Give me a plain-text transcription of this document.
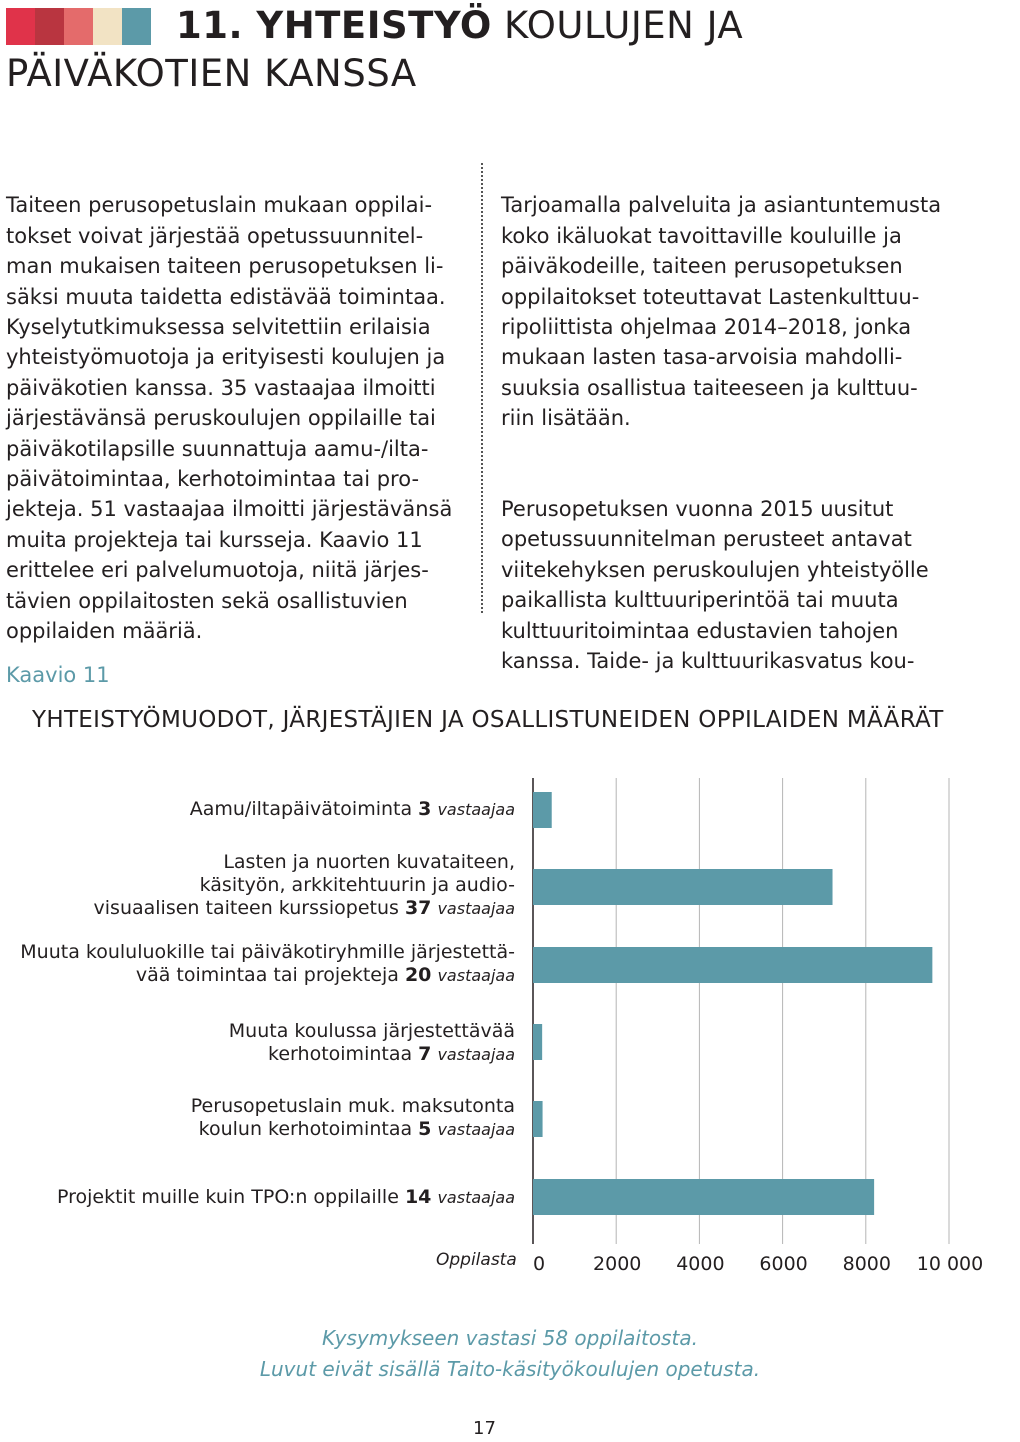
11. YHTEISTYÖ KOULUJEN JA
PÄIVÄKOTIEN KANSSA

Taiteen perusopetuslain mukaan oppilai-
tokset voivat järjestää opetussuunnitel-
man mukaisen taiteen perusopetuksen li-
säksi muuta taidetta edistävää toimintaa.
Kyselytutkimuksessa selvitettiin erilaisia
yhteistyömuotoja ja erityisesti koulujen ja
päiväkotien kanssa. 35 vastaajaa ilmoitti
järjestävänsä peruskoulujen oppilaille tai
päiväkotilapsille suunnattuja aamu-/ilta-
päivätoimintaa, kerhotoimintaa tai pro-
jekteja. 51 vastaajaa ilmoitti järjestävänsä
muita projekteja tai kursseja. Kaavio 11
erittelee eri palvelumuotoja, niitä järjes-
tävien oppilaitosten sekä osallistuvien
oppilaiden määriä.

Tarjoamalla palveluita ja asiantuntemusta
koko ikäluokat tavoittaville kouluille ja
päiväkodeille, taiteen perusopetuksen
oppilaitokset toteuttavat Lastenkulttuu-
ripoliittista ohjelmaa 2014–2018, jonka
mukaan lasten tasa-arvoisia mahdolli-
suuksia osallistua taiteeseen ja kulttuu-
riin lisätään.

Perusopetuksen vuonna 2015 uusitut
opetussuunnitelman perusteet antavat
viitekehyksen peruskoulujen yhteistyölle
paikallista kulttuuriperintöä tai muuta
kulttuuritoimintaa edustavien tahojen
kanssa. Taide- ja kulttuurikasvatus kou-

Kaavio 11
YHTEISTYÖMUODOT, JÄRJESTÄJIEN JA OSALLISTUNEIDEN OPPILAIDEN MÄÄRÄT
0	2000 4000 6000 8000 10 000
Aamu/iltapäivätoiminta 3 vastaajaa
Lasten ja nuorten kuvataiteen,
käsityön, arkkitehtuurin ja audio-
visuaalisen taiteen kurssiopetus 37 vastaajaa
Muuta koululuokille tai päiväkotiryhmille järjestettä-
vää toimintaa tai projekteja 20 vastaajaa
Muuta koulussa järjestettävää
kerhotoimintaa 7 vastaajaa
Perusopetuslain muk. maksutonta
koulun kerhotoimintaa 5 vastaajaa
Projektit muille kuin TPO:n oppilaille 14 vastaajaa
Oppilasta
Kysymykseen vastasi 58 oppilaitosta.
Luvut eivät sisällä Taito-käsityökoulujen opetusta.
17
